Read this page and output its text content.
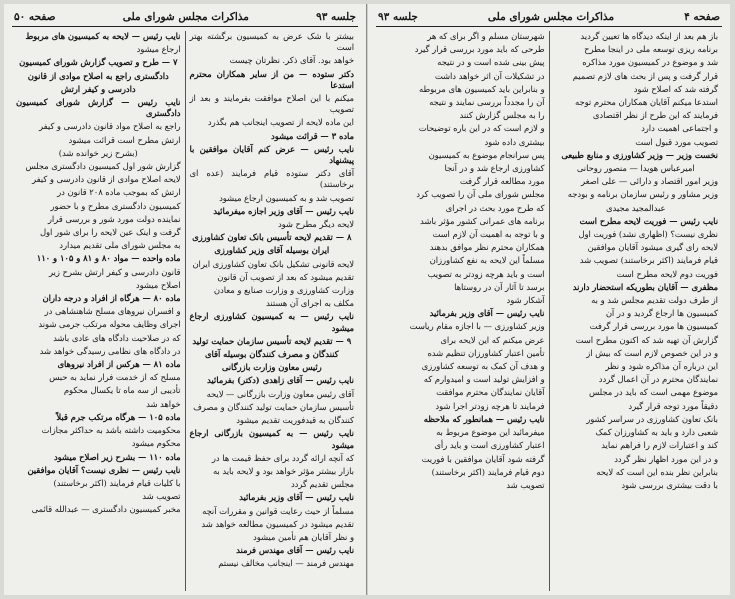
جلسه ۹۳
مذاکرات مجلس شورای ملی
صفحه ۵۰

بیشتر با شک عرض به کمیسیون برگشته بهتر است

خواهد بود. آقای ذکر. نظرتان چیست

دکتر ستوده — من از سایر همکاران محترم استدعا

میکنم با این اصلاح موافقت بفرمایند و بعد از تصویب

این ماده لایحه از تصویب اینجانب هم بگذرد

ماده ۳ — قرائت میشود

نایب رئیس — عرض کنم آقایان موافقین با پیشنهاد

آقای دکتر ستوده قیام فرمایند (عده ای برخاستند)

تصویب شد و به کمیسیون ارجاع میشود

نایب رئیس — آقای وزیر اجازه میفرمائید

لایحه دیگر مطرح شود

۸ — تقدیم لایحه تأسیس بانک تعاون کشاورزی

ایران بوسیله آقای وزیر کشاورزی

لایحه قانونی تشکیل بانک تعاون کشاورزی ایران

تقدیم میشود که بعد از تصویب آن قانون

وزارت کشاورزی و وزارت صنایع و معادن

مکلف به اجرای آن هستند

نایب رئیس — به کمیسیون کشاورزی ارجاع میشود

۹ — تقدیم لایحه تأسیس سازمان حمایت تولید

کنندگان و مصرف کنندگان بوسیله آقای

رئیس معاون وزارت بازرگانی

نایب رئیس — آقای زاهدی (دکتر) بفرمائید

آقای رئیس معاون وزارت بازرگانی — لایحه

تأسیس سازمان حمایت تولید کنندگان و مصرف

کنندگان به قیدفوریت تقدیم میشود

نایب رئیس — به کمیسیون بازرگانی ارجاع میشود

که آنچه ارائه گردد برای حفظ قیمت ها در

بازار بیشتر مؤثر خواهد بود و لایحه باید به

مجلس تقدیم گردد

نایب رئیس — آقای وزیر بفرمائید

مسلماً از حیث رعایت قوانین و مقررات آنچه

تقدیم میشود در کمیسیون مطالعه خواهد شد

و نظر آقایان هم تأمین میشود

نایب رئیس — آقای مهندس فرمند

مهندس فرمند — اینجانب مخالف نیستم

نایب رئیس — لایحه به کمیسیون های مربوط

ارجاع میشود

۷ — طرح و تصویب گزارش شورای کمیسیون

دادگستری راجع به اصلاح موادی از قانون

دادرسی و کیفر ارتش

نایب رئیس — گزارش شورای کمیسیون دادگستری

راجع به اصلاح مواد قانون دادرسی و کیفر

ارتش مطرح است قرائت میشود

(بشرح زیر خوانده شد)

گزارش شور اول کمیسیون دادگستری مجلس

لایحه اصلاح موادی از قانون دادرسی و کیفر

ارتش که بموجب ماده ۲۰۸ قانون در

کمیسیون دادگستری مطرح و با حضور

نماینده دولت مورد شور و بررسی قرار

گرفت و اینک عین لایحه را برای شور اول

به مجلس شورای ملی تقدیم میدارد

ماده واحده — مواد ۸۰ و ۸۱ و ۱۰۵ و ۱۱۰

قانون دادرسی و کیفر ارتش بشرح زیر

اصلاح میشود

ماده ۸۰ — هرگاه از افراد و درجه داران

و افسران نیروهای مسلح شاهنشاهی در

اجرای وظایف محوله مرتکب جرمی شوند

که در صلاحیت دادگاه های عادی باشد

در دادگاه های نظامی رسیدگی خواهد شد

ماده ۸۱ — هرکس از افراد نیروهای

مسلح که از خدمت فرار نماید به حبس

تأدیبی از سه ماه تا یکسال محکوم

خواهد شد

ماده ۱۰۵ — هرگاه مرتکب جرم قبلاً

محکومیت داشته باشد به حداکثر مجازات

محکوم میشود

ماده ۱۱۰ — بشرح زیر اصلاح میشود

نایب رئیس — نظری نیست؟ آقایان موافقین

با کلیات قیام فرمایند (اکثر برخاستند)

تصویب شد

مخبر کمیسیون دادگستری — عبدالله قائمی

صفحه ۴
مذاکرات مجلس شورای ملی
جلسه ۹۳

باز هم بعد از اینکه دیدگاه ها تعیین گردید

برنامه ریزی توسعه ملی در اینجا مطرح

شد و موضوع در کمیسیون مورد مذاکره

قرار گرفت و پس از بحث های لازم تصمیم

گرفته شد که اصلاح شود

استدعا میکنم آقایان همکاران محترم توجه

فرمایند که این طرح از نظر اقتصادی

و اجتماعی اهمیت دارد

تصویب مورد قبول است

نخست وزیر — وزیر کشاورزی و منابع طبیعی

امیرعباس هویدا — منصور روحانی

وزیر امور اقتصاد و دارائی — علی اصغر

وزیر مشاور و رئیس سازمان برنامه و بودجه

عبدالمجید مجیدی

نایب رئیس — فوریت لایحه مطرح است

نظری نیست؟ (اظهاری نشد) فوریت اول

لایحه رای گیری میشود آقایان موافقین

قیام فرمایند (اکثر برخاستند) تصویب شد

فوریت دوم لایحه مطرح است

مظفری — آقایان بطوریکه استحضار دارند

از طرف دولت تقدیم مجلس شد و به

کمیسیون ها ارجاع گردید و در آن

کمیسیون ها مورد بررسی قرار گرفت

گزارش آن تهیه شد که اکنون مطرح است

و در این خصوص لازم است که بیش از

این درباره آن مذاکره شود و نظر

نمایندگان محترم در آن اعمال گردد

موضوع مهمی است که باید در مجلس

دقیقاً مورد توجه قرار گیرد

بانک تعاون کشاورزی در سراسر کشور

شعبی دارد و باید به کشاورزان کمک

کند و اعتبارات لازم را فراهم نماید

و در این مورد اظهار نظر گردد

بنابراین نظر بنده این است که لایحه

با دقت بیشتری بررسی شود

شهرستان مسلم و اگر برای که هر

طرحی که باید مورد بررسی قرار گیرد

پیش بینی شده است و در نتیجه

در تشکیلات آن اثر خواهد داشت

و بنابراین باید کمیسیون های مربوطه

آن را مجدداً بررسی نمایند و نتیجه

را به مجلس گزارش کنند

و لازم است که در این باره توضیحات

بیشتری داده شود

پس سرانجام موضوع به کمیسیون

کشاورزی ارجاع شد و در آنجا

مورد مطالعه قرار گرفت

مجلس شورای ملی آن را تصویب کرد

که طرح مورد بحث در اجرای

برنامه های عمرانی کشور مؤثر باشد

و با توجه به اهمیت آن لازم است

همکاران محترم نظر موافق بدهند

مسلماً این لایحه به نفع کشاورزان

است و باید هرچه زودتر به تصویب

برسد تا آثار آن در روستاها

آشکار شود

نایب رئیس — آقای وزیر بفرمائید

وزیر کشاورزی — با اجازه مقام ریاست

عرض میکنم که این لایحه برای

تأمین اعتبار کشاورزان تنظیم شده

و هدف آن کمک به توسعه کشاورزی

و افزایش تولید است و امیدوارم که

آقایان نمایندگان محترم موافقت

فرمایند تا هرچه زودتر اجرا شود

نایب رئیس — همانطور که ملاحظه

میفرمائید این موضوع مربوط به

اعتبار کشاورزی است و باید رأی

گرفته شود آقایان موافقین با فوریت

دوم قیام فرمایند (اکثر برخاستند)

تصویب شد
